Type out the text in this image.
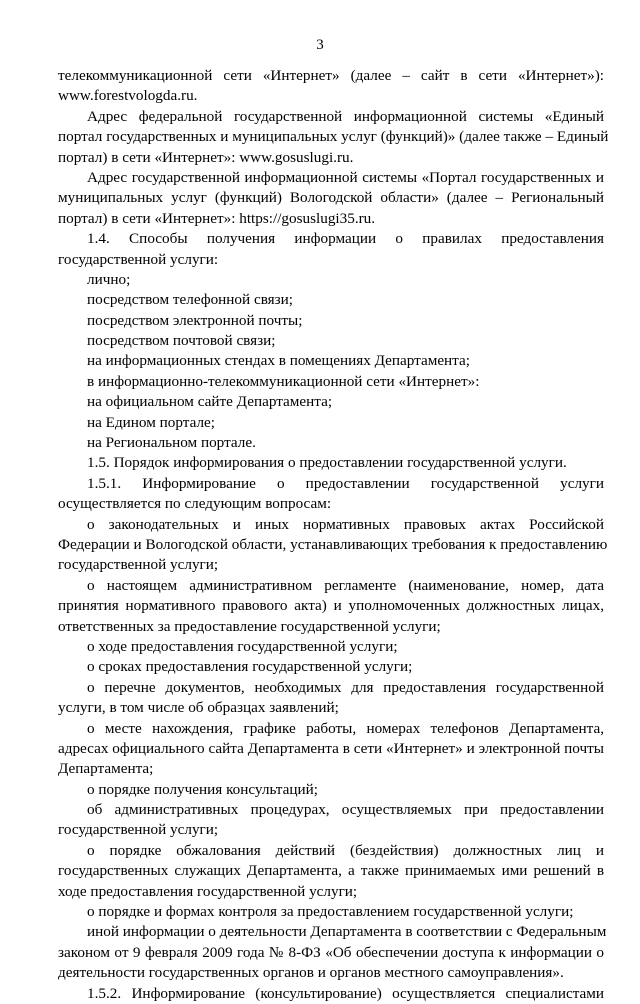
3
телекоммуникационной сети «Интернет» (далее – сайт в сети «Интернет»):
www.forestvologda.ru.
Адрес федеральной государственной информационной системы «Единый
портал государственных и муниципальных услуг (функций)» (далее также – Единый
портал) в сети «Интернет»: www.gosuslugi.ru.
Адрес государственной информационной системы «Портал государственных и
муниципальных услуг (функций) Вологодской области» (далее – Региональный
портал) в сети «Интернет»: https://gosuslugi35.ru.
1.4. Способы получения информации о правилах предоставления
государственной услуги:
лично;
посредством телефонной связи;
посредством электронной почты;
посредством почтовой связи;
на информационных стендах в помещениях Департамента;
в информационно-телекоммуникационной сети «Интернет»:
на официальном сайте Департамента;
на Едином портале;
на Региональном портале.
1.5. Порядок информирования о предоставлении государственной услуги.
1.5.1. Информирование о предоставлении государственной услуги
осуществляется по следующим вопросам:
о законодательных и иных нормативных правовых актах Российской
Федерации и Вологодской области, устанавливающих требования к предоставлению
государственной услуги;
о настоящем административном регламенте (наименование, номер, дата
принятия нормативного правового акта) и уполномоченных должностных лицах,
ответственных за предоставление государственной услуги;
о ходе предоставления государственной услуги;
о сроках предоставления государственной услуги;
о перечне документов, необходимых для предоставления государственной
услуги, в том числе об образцах заявлений;
о месте нахождения, графике работы, номерах телефонов Департамента,
адресах официального сайта Департамента в сети «Интернет» и электронной почты
Департамента;
о порядке получения консультаций;
об административных процедурах, осуществляемых при предоставлении
государственной услуги;
о порядке обжалования действий (бездействия) должностных лиц и
государственных служащих Департамента, а также принимаемых ими решений в
ходе предоставления государственной услуги;
о порядке и формах контроля за предоставлением государственной услуги;
иной информации о деятельности Департамента в соответствии с Федеральным
законом от 9 февраля 2009 года № 8-ФЗ «Об обеспечении доступа к информации о
деятельности государственных органов и органов местного самоуправления».
1.5.2. Информирование (консультирование) осуществляется специалистами
